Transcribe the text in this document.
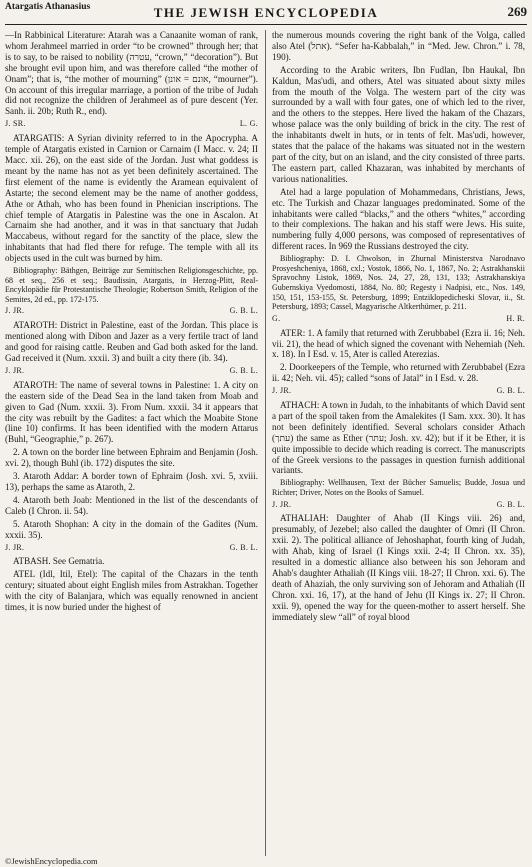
Atargatis Athanasius	THE JEWISH ENCYCLOPEDIA	269

—In Rabbinical Literature: Atarah was a Canaanite woman of rank, whom Jerahmeel married in order “to be crowned” through her; that is to say, to be raised to nobility (עטרה, “crown,” “decoration”). But she brought evil upon him, and was therefore called “the mother of Onam”; that is, “the mother of mourning” (אונם = אונן, “mourner”). On account of this irregular marriage, a portion of the tribe of Judah did not recognize the children of Jerahmeel as of pure descent (Yer. Sanh. ii. 20b; Ruth R., end).

J. SR.	L. G.

ATARGATIS: A Syrian divinity referred to in the Apocrypha. A temple of Atargatis existed in Carnion or Carnaim (I Macc. v. 24; II Macc. xii. 26), on the east side of the Jordan. Just what goddess is meant by the name has not as yet been definitely ascertained. The first element of the name is evidently the Aramean equivalent of Astarte; the second element may be the name of another goddess, Athe or Athah, who has been found in Phenician inscriptions. The chief temple of Atargatis in Palestine was the one in Ascalon. At Carnaim she had another, and it was in that sanctuary that Judah Maccabeus, without regard for the sanctity of the place, slew the inhabitants that had fled there for refuge. The temple with all its objects used in the cult was burned by him.

Bibliography: Bäthgen, Beiträge zur Semitischen Religionsgeschichte, pp. 68 et seq., 256 et seq.; Baudissin, Atargatis, in Herzog-Plitt, Real-Encyklopädie für Protestantische Theologie; Robertson Smith, Religion of the Semites, 2d ed., pp. 172-175.

J. JR.	G. B. L.

ATAROTH: District in Palestine, east of the Jordan. This place is mentioned along with Dibon and Jazer as a very fertile tract of land and good for raising cattle. Reuben and Gad both asked for the land. Gad received it (Num. xxxii. 3) and built a city there (ib. 34).

J. JR.	G. B. L.

ATAROTH: The name of several towns in Palestine: 1. A city on the eastern side of the Dead Sea in the land taken from Moab and given to Gad (Num. xxxii. 3). From Num. xxxii. 34 it appears that the city was rebuilt by the Gadites: a fact which the Moabite Stone (line 10) confirms. It has been identified with the modern Attarus (Buhl, “Geographie,” p. 267).

2. A town on the border line between Ephraim and Benjamin (Josh. xvi. 2), though Buhl (ib. 172) disputes the site.

3. Ataroth Addar: A border town of Ephraim (Josh. xvi. 5, xviii. 13), perhaps the same as Ataroth, 2.

4. Ataroth beth Joab: Mentioned in the list of the descendants of Caleb (I Chron. ii. 54).

5. Ataroth Shophan: A city in the domain of the Gadites (Num. xxxii. 35).

J. JR.	G. B. L.

ATBASH. See Gematria.

ATEL (Idl, Itil, Etel): The capital of the Chazars in the tenth century; situated about eight English miles from Astrakhan. Together with the city of Balanjara, which was equally renowned in ancient times, it is now buried under the highest of

the numerous mounds covering the right bank of the Volga, called also Atel (אתל). “Sefer ha-Kabbalah,” in “Med. Jew. Chron.” i. 78, 190).

According to the Arabic writers, Ibn Fudlan, Ibn Haukal, Ibn Kaldun, Mas'udi, and others, Atel was situated about sixty miles from the mouth of the Volga. The western part of the city was surrounded by a wall with four gates, one of which led to the river, and the others to the steppes. Here lived the hakam of the Chazars, whose palace was the only building of brick in the city. The rest of the inhabitants dwelt in huts, or in tents of felt. Mas'udi, however, states that the palace of the hakams was situated not in the western part of the city, but on an island, and the city consisted of three parts. The eastern part, called Khazaran, was inhabited by merchants of various nationalities.

Atel had a large population of Mohammedans, Christians, Jews, etc. The Turkish and Chazar languages predominated. Some of the inhabitants were called “blacks,” and the others “whites,” according to their complexions. The hakan and his staff were Jews. His suite, numbering fully 4,000 persons, was composed of representatives of different races. In 969 the Russians destroyed the city.

Bibliography: D. I. Chwolson, in Zhurnal Ministerstva Narodnavo Prosyeshcheniya, 1868, cxl.; Vostok, 1866, No. 1, 1867, No. 2; Astrakhanskii Spravochny Listok, 1869, Nos. 24, 27, 28, 131, 133; Astrakhanskiya Gubernskiya Vyedomosti, 1884, No. 80; Regesty i Nadpisi, etc., Nos. 149, 150, 151, 153-155, St. Petersburg, 1899; Entziklopedicheski Slovar, ii., St. Petersburg, 1893; Cassel, Magyarische Altkerthümer, p. 211.

G.	H. R.

ATER: 1. A family that returned with Zerubbabel (Ezra ii. 16; Neh. vii. 21), the head of which signed the covenant with Nehemiah (Neh. x. 18). In I Esd. v. 15, Ater is called Aterezias.

2. Doorkeepers of the Temple, who returned with Zerubbabel (Ezra ii. 42; Neh. vii. 45); called “sons of Jatal” in I Esd. v. 28.

J. JR.	G. B. L.

ATHACH: A town in Judah, to the inhabitants of which David sent a part of the spoil taken from the Amalekites (I Sam. xxx. 30). It has not been definitely identified. Several scholars consider Athach (עתך) the same as Ether (עתר; Josh. xv. 42); but if it be Ether, it is quite impossible to decide which reading is correct. The manuscripts of the Greek versions to the passages in question furnish additional variants.

Bibliography: Wellhausen, Text der Bücher Samuelis; Budde, Josua und Richter; Driver, Notes on the Books of Samuel.

J. JR.	G. B. L.

ATHALIAH: Daughter of Ahab (II Kings viii. 26) and, presumably, of Jezebel; also called the daughter of Omri (II Chron. xxii. 2). The political alliance of Jehoshaphat, fourth king of Judah, with Ahab, king of Israel (I Kings xxii. 2-4; II Chron. xx. 35), resulted in a domestic alliance also between his son Jehoram and Ahab's daughter Athaliah (II Kings viii. 18-27; II Chron. xxi. 6). The death of Ahaziah, the only surviving son of Jehoram and Athaliah (II Chron. xxi. 16, 17), at the hand of Jehu (II Kings ix. 27; II Chron. xxii. 9), opened the way for the queen-mother to assert herself. She immediately slew “all” of royal blood

©JewishEncyclopedia.com
